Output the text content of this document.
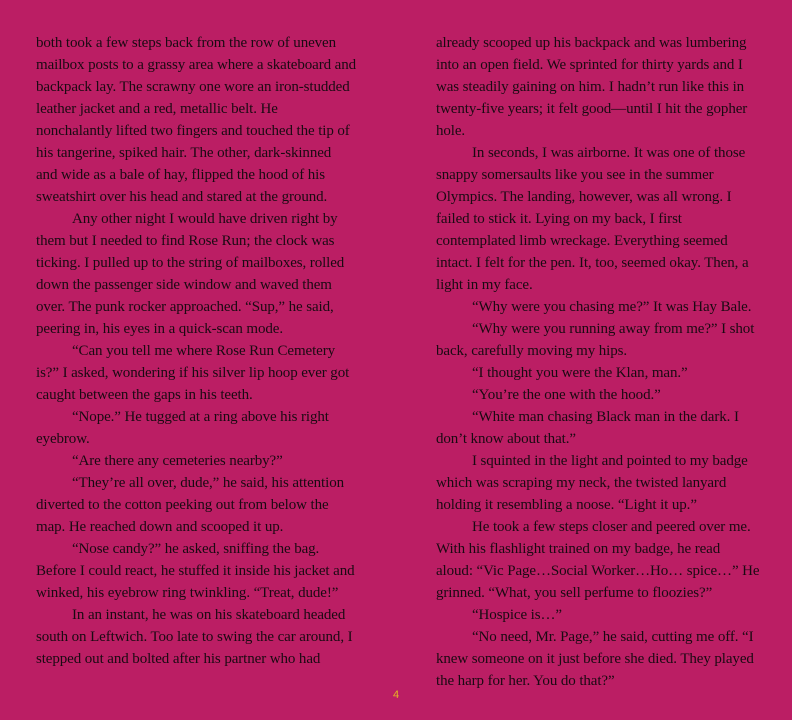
both took a few steps back from the row of uneven mailbox posts to a grassy area where a skateboard and backpack lay. The scrawny one wore an iron-studded leather jacket and a red, metallic belt. He nonchalantly lifted two fingers and touched the tip of his tangerine, spiked hair. The other, dark-skinned and wide as a bale of hay, flipped the hood of his sweatshirt over his head and stared at the ground.

Any other night I would have driven right by them but I needed to find Rose Run; the clock was ticking. I pulled up to the string of mailboxes, rolled down the passenger side window and waved them over. The punk rocker approached. “Sup,” he said, peering in, his eyes in a quick-scan mode.

“Can you tell me where Rose Run Cemetery is?” I asked, wondering if his silver lip hoop ever got caught between the gaps in his teeth.

“Nope.” He tugged at a ring above his right eyebrow.

“Are there any cemeteries nearby?”

“They’re all over, dude,” he said, his attention diverted to the cotton peeking out from below the map. He reached down and scooped it up.

“Nose candy?” he asked, sniffing the bag. Before I could react, he stuffed it inside his jacket and winked, his eyebrow ring twinkling. “Treat, dude!”

In an instant, he was on his skateboard headed south on Leftwich. Too late to swing the car around, I stepped out and bolted after his partner who had

already scooped up his backpack and was lumbering into an open field. We sprinted for thirty yards and I was steadily gaining on him. I hadn’t run like this in twenty-five years; it felt good—until I hit the gopher hole.

In seconds, I was airborne. It was one of those snappy somersaults like you see in the summer Olympics. The landing, however, was all wrong. I failed to stick it. Lying on my back, I first contemplated limb wreckage. Everything seemed intact. I felt for the pen. It, too, seemed okay. Then, a light in my face.

“Why were you chasing me?” It was Hay Bale.

“Why were you running away from me?” I shot back, carefully moving my hips.

“I thought you were the Klan, man.”

“You’re the one with the hood.”

“White man chasing Black man in the dark. I don’t know about that.”

I squinted in the light and pointed to my badge which was scraping my neck, the twisted lanyard holding it resembling a noose. “Light it up.”

He took a few steps closer and peered over me. With his flashlight trained on my badge, he read aloud: “Vic Page…Social Worker…Ho… spice…” He grinned. “What, you sell perfume to floozies?”

“Hospice is…”

“No need, Mr. Page,” he said, cutting me off. “I knew someone on it just before she died. They played the harp for her. You do that?”

4
